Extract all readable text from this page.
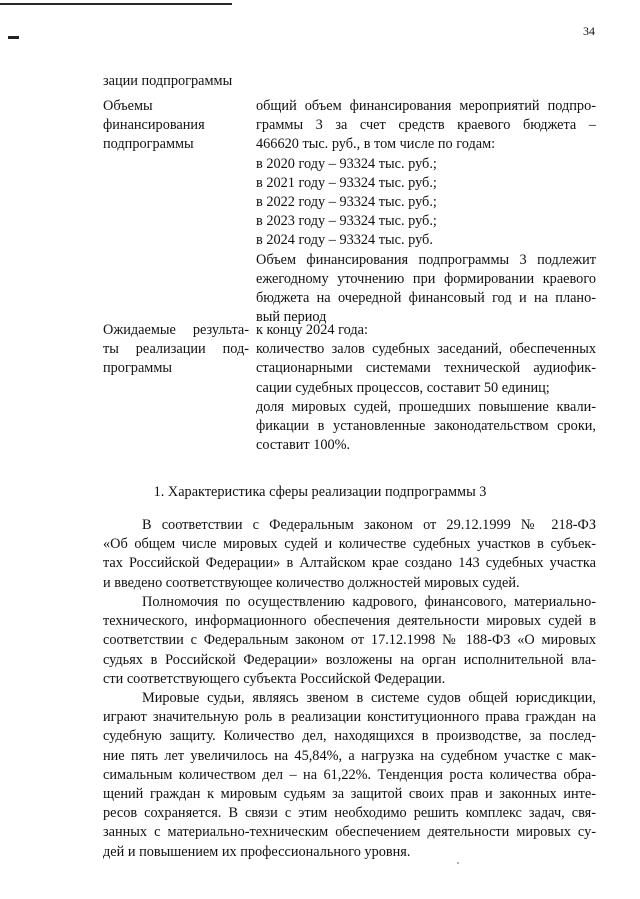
34
зации подпрограммы
Объемы
финансирования
подпрограммы
общий объем финансирования мероприятий подпро-
граммы 3 за счет средств краевого бюджета –
466620 тыс. руб., в том числе по годам:
в 2020 году – 93324 тыс. руб.;
в 2021 году – 93324 тыс. руб.;
в 2022 году – 93324 тыс. руб.;
в 2023 году – 93324 тыс. руб.;
в 2024 году – 93324 тыс. руб.
Объем финансирования подпрограммы 3 подлежит
ежегодному уточнению при формировании краевого
бюджета на очередной финансовый год и на плано-
вый период
Ожидаемые результа-
ты реализации под-
программы
к концу 2024 года:
количество залов судебных заседаний, обеспеченных
стационарными системами технической аудиофик-
сации судебных процессов, составит 50 единиц;
доля мировых судей, прошедших повышение квали-
фикации в установленные законодательством сроки,
составит 100%.
1. Характеристика сферы реализации подпрограммы 3
В соответствии с Федеральным законом от 29.12.1999 № 218-ФЗ
«Об общем числе мировых судей и количестве судебных участков в субъек-
тах Российской Федерации» в Алтайском крае создано 143 судебных участка
и введено соответствующее количество должностей мировых судей.
Полномочия по осуществлению кадрового, финансового, материально-
технического, информационного обеспечения деятельности мировых судей в
соответствии с Федеральным законом от 17.12.1998 № 188-ФЗ «О мировых
судьях в Российской Федерации» возложены на орган исполнительной вла-
сти соответствующего субъекта Российской Федерации.
Мировые судьи, являясь звеном в системе судов общей юрисдикции,
играют значительную роль в реализации конституционного права граждан на
судебную защиту. Количество дел, находящихся в производстве, за послед-
ние пять лет увеличилось на 45,84%, а нагрузка на судебном участке с мак-
симальным количеством дел – на 61,22%. Тенденция роста количества обра-
щений граждан к мировым судьям за защитой своих прав и законных инте-
ресов сохраняется. В связи с этим необходимо решить комплекс задач, свя-
занных с материально-техническим обеспечением деятельности мировых су-
дей и повышением их профессионального уровня.
